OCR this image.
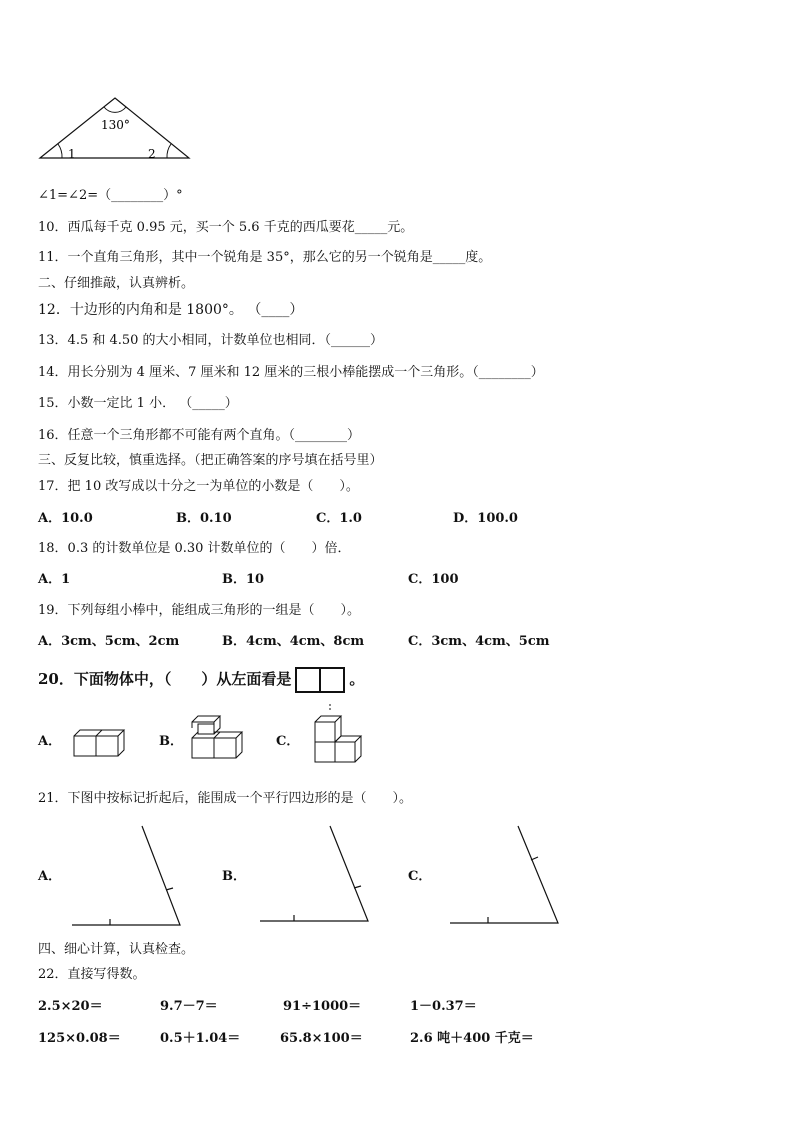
130°
1	2
∠1=∠2=（________）°
10．西瓜每千克 0.95 元，买一个 5.6 千克的西瓜要花_____元。
11．一个直角三角形，其中一个锐角是 35°，那么它的另一个锐角是_____度。
二、仔细推敲，认真辨析。
12．十边形的内角和是 1800°。 （____）
13．4.5 和 4.50 的大小相同，计数单位也相同．（______）
14．用长分别为 4 厘米、7 厘米和 12 厘米的三根小棒能摆成一个三角形。（________）
15．小数一定比 1 小． （_____）
16．任意一个三角形都不可能有两个直角。（________）
三、反复比较，慎重选择。（把正确答案的序号填在括号里）
17．把 10 改写成以十分之一为单位的小数是（　　）。
A．10.0	B．0.10	C．1.0	D．100.0
18．0.3 的计数单位是 0.30 计数单位的（　　）倍．
A．1	B．10	C．100
19．下列每组小棒中，能组成三角形的一组是（　　）。
A．3cm、5cm、2cm	B．4cm、4cm、8cm	C．3cm、4cm、5cm
20．下面物体中，（　　）从左面看是	。
A．	B．	C．
21．下图中按标记折起后，能围成一个平行四边形的是（　　）。
A．	B．	C．
四、细心计算，认真检查。
22．直接写得数。
2.5×20＝	9.7－7＝	91÷1000＝	1－0.37＝
125×0.08＝	0.5＋1.04＝	65.8×100＝	2.6 吨＋400 千克＝
